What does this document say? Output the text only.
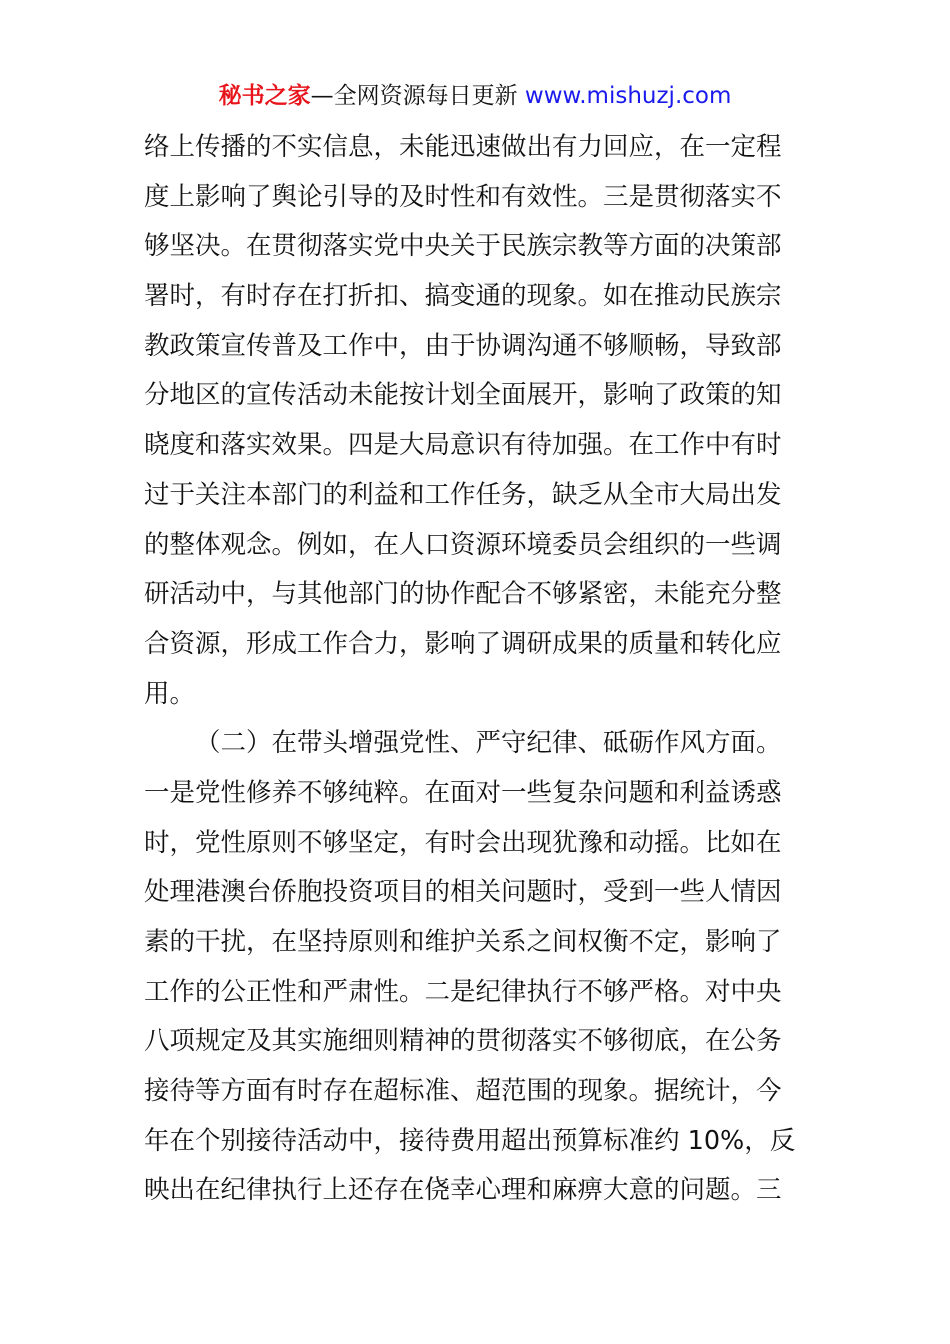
秘书之家—全网资源每日更新 www.mishuzj.com
络上传播的不实信息，未能迅速做出有力回应，在一定程
度上影响了舆论引导的及时性和有效性。三是贯彻落实不
够坚决。在贯彻落实党中央关于民族宗教等方面的决策部
署时，有时存在打折扣、搞变通的现象。如在推动民族宗
教政策宣传普及工作中，由于协调沟通不够顺畅，导致部
分地区的宣传活动未能按计划全面展开，影响了政策的知
晓度和落实效果。四是大局意识有待加强。在工作中有时
过于关注本部门的利益和工作任务，缺乏从全市大局出发
的整体观念。例如，在人口资源环境委员会组织的一些调
研活动中，与其他部门的协作配合不够紧密，未能充分整
合资源，形成工作合力，影响了调研成果的质量和转化应
用。
（二）在带头增强党性、严守纪律、砥砺作风方面。
一是党性修养不够纯粹。在面对一些复杂问题和利益诱惑
时，党性原则不够坚定，有时会出现犹豫和动摇。比如在
处理港澳台侨胞投资项目的相关问题时，受到一些人情因
素的干扰，在坚持原则和维护关系之间权衡不定，影响了
工作的公正性和严肃性。二是纪律执行不够严格。对中央
八项规定及其实施细则精神的贯彻落实不够彻底，在公务
接待等方面有时存在超标准、超范围的现象。据统计，今
年在个别接待活动中，接待费用超出预算标准约 10%，反
映出在纪律执行上还存在侥幸心理和麻痹大意的问题。三
